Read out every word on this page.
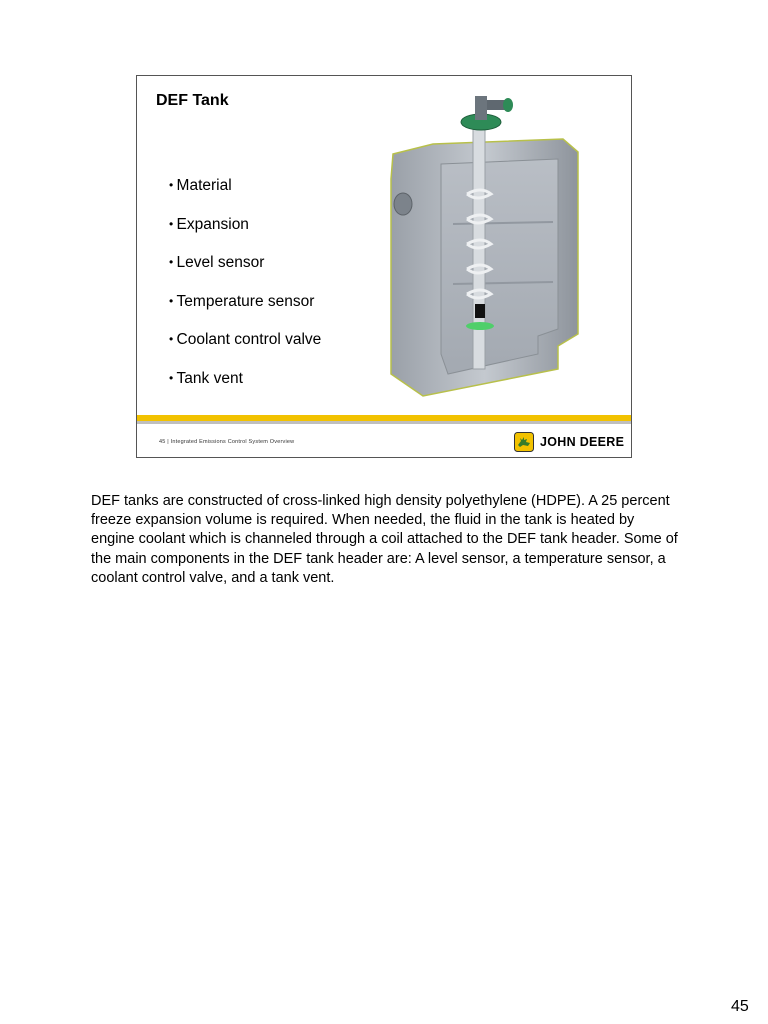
DEF Tank
• Material
• Expansion
• Level sensor
• Temperature sensor
• Coolant control valve
• Tank vent
45 | Integrated Emissions Control System Overview	JOHN DEERE
DEF tanks are constructed of cross-linked high density polyethylene (HDPE). A 25 percent freeze expansion volume is required. When needed, the fluid in the tank is heated by engine coolant which is channeled through a coil attached to the DEF tank header. Some of the main components in the DEF tank header are: A level sensor, a temperature sensor, a coolant control valve, and a tank vent.
45
